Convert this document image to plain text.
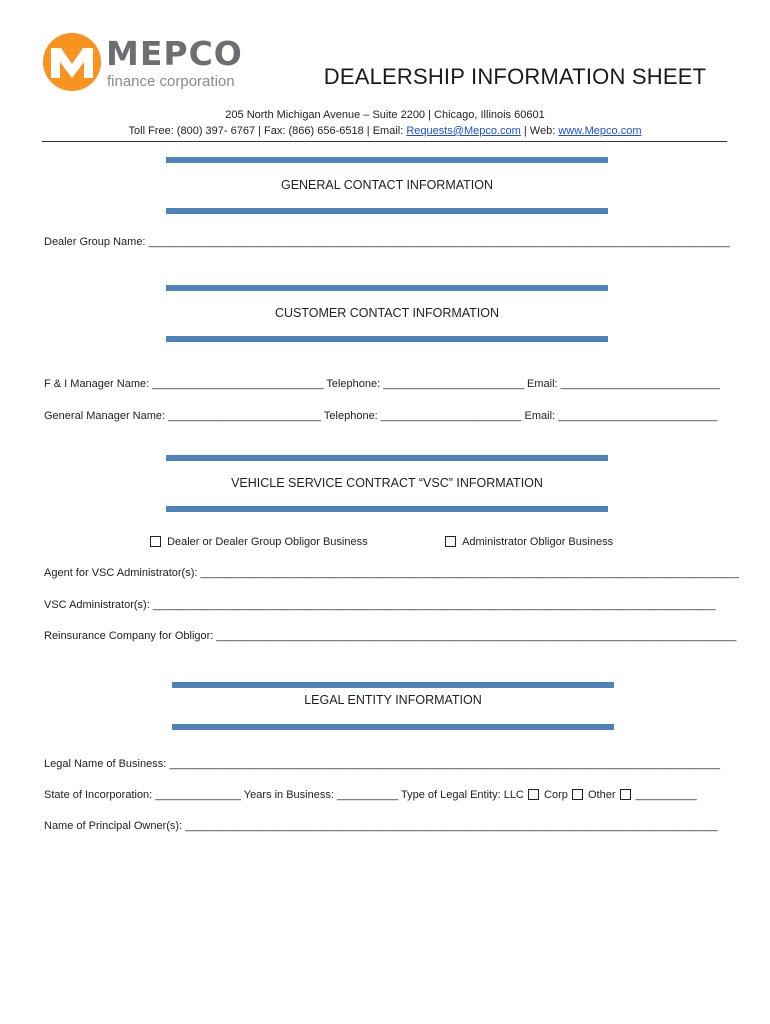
MEPCO
finance corporation	DEALERSHIP INFORMATION SHEET
205 North Michigan Avenue – Suite 2200 | Chicago, Illinois 60601
Toll Free: (800) 397- 6767 | Fax: (866) 656-6518 | Email: Requests@Mepco.com | Web: www.Mepco.com
GENERAL CONTACT INFORMATION
Dealer Group Name: _______________________________________________________________________________________________
CUSTOMER CONTACT INFORMATION
F & I Manager Name: ____________________________ Telephone: _______________________ Email: __________________________
General Manager Name: _________________________ Telephone: _______________________ Email: __________________________
VEHICLE SERVICE CONTRACT “VSC” INFORMATION
Dealer or Dealer Group Obligor Business	Administrator Obligor Business
Agent for VSC Administrator(s): ________________________________________________________________________________________
VSC Administrator(s): ____________________________________________________________________________________________
Reinsurance Company for Obligor: _____________________________________________________________________________________
LEGAL ENTITY INFORMATION
Legal Name of Business: __________________________________________________________________________________________
State of Incorporation: ______________ Years in Business: __________ Type of Legal Entity: LLC Corp Other __________
Name of Principal Owner(s): _______________________________________________________________________________________
